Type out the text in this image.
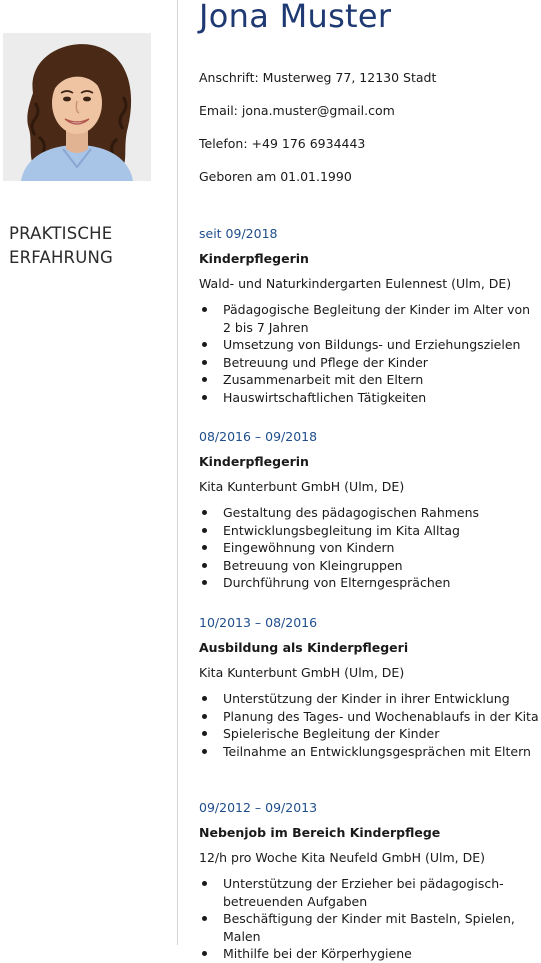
Jona Muster
Anschrift: Musterweg 77, 12130 Stadt
Email: jona.muster@gmail.com
Telefon: +49 176 6934443
Geboren am 01.01.1990
PRAKTISCHE
ERFAHRUNG
seit 09/2018
Kinderpflegerin
Wald- und Naturkindergarten Eulennest (Ulm, DE)
Pädagogische Begleitung der Kinder im Alter von 2 bis 7 Jahren
Umsetzung von Bildungs- und Erziehungszielen
Betreuung und Pflege der Kinder
Zusammenarbeit mit den Eltern
Hauswirtschaftlichen Tätigkeiten
08/2016 – 09/2018
Kinderpflegerin
Kita Kunterbunt GmbH (Ulm, DE)
Gestaltung des pädagogischen Rahmens
Entwicklungsbegleitung im Kita Alltag
Eingewöhnung von Kindern
Betreuung von Kleingruppen
Durchführung von Elterngesprächen
10/2013 – 08/2016
Ausbildung als Kinderpflegeri
Kita Kunterbunt GmbH (Ulm, DE)
Unterstützung der Kinder in ihrer Entwicklung
Planung des Tages- und Wochenablaufs in der Kita
Spielerische Begleitung der Kinder
Teilnahme an Entwicklungsgesprächen mit Eltern
09/2012 – 09/2013
Nebenjob im Bereich Kinderpflege
12/h pro Woche Kita Neufeld GmbH (Ulm, DE)
Unterstützung der Erzieher bei pädagogisch-betreuenden Aufgaben
Beschäftigung der Kinder mit Basteln, Spielen, Malen
Mithilfe bei der Körperhygiene
